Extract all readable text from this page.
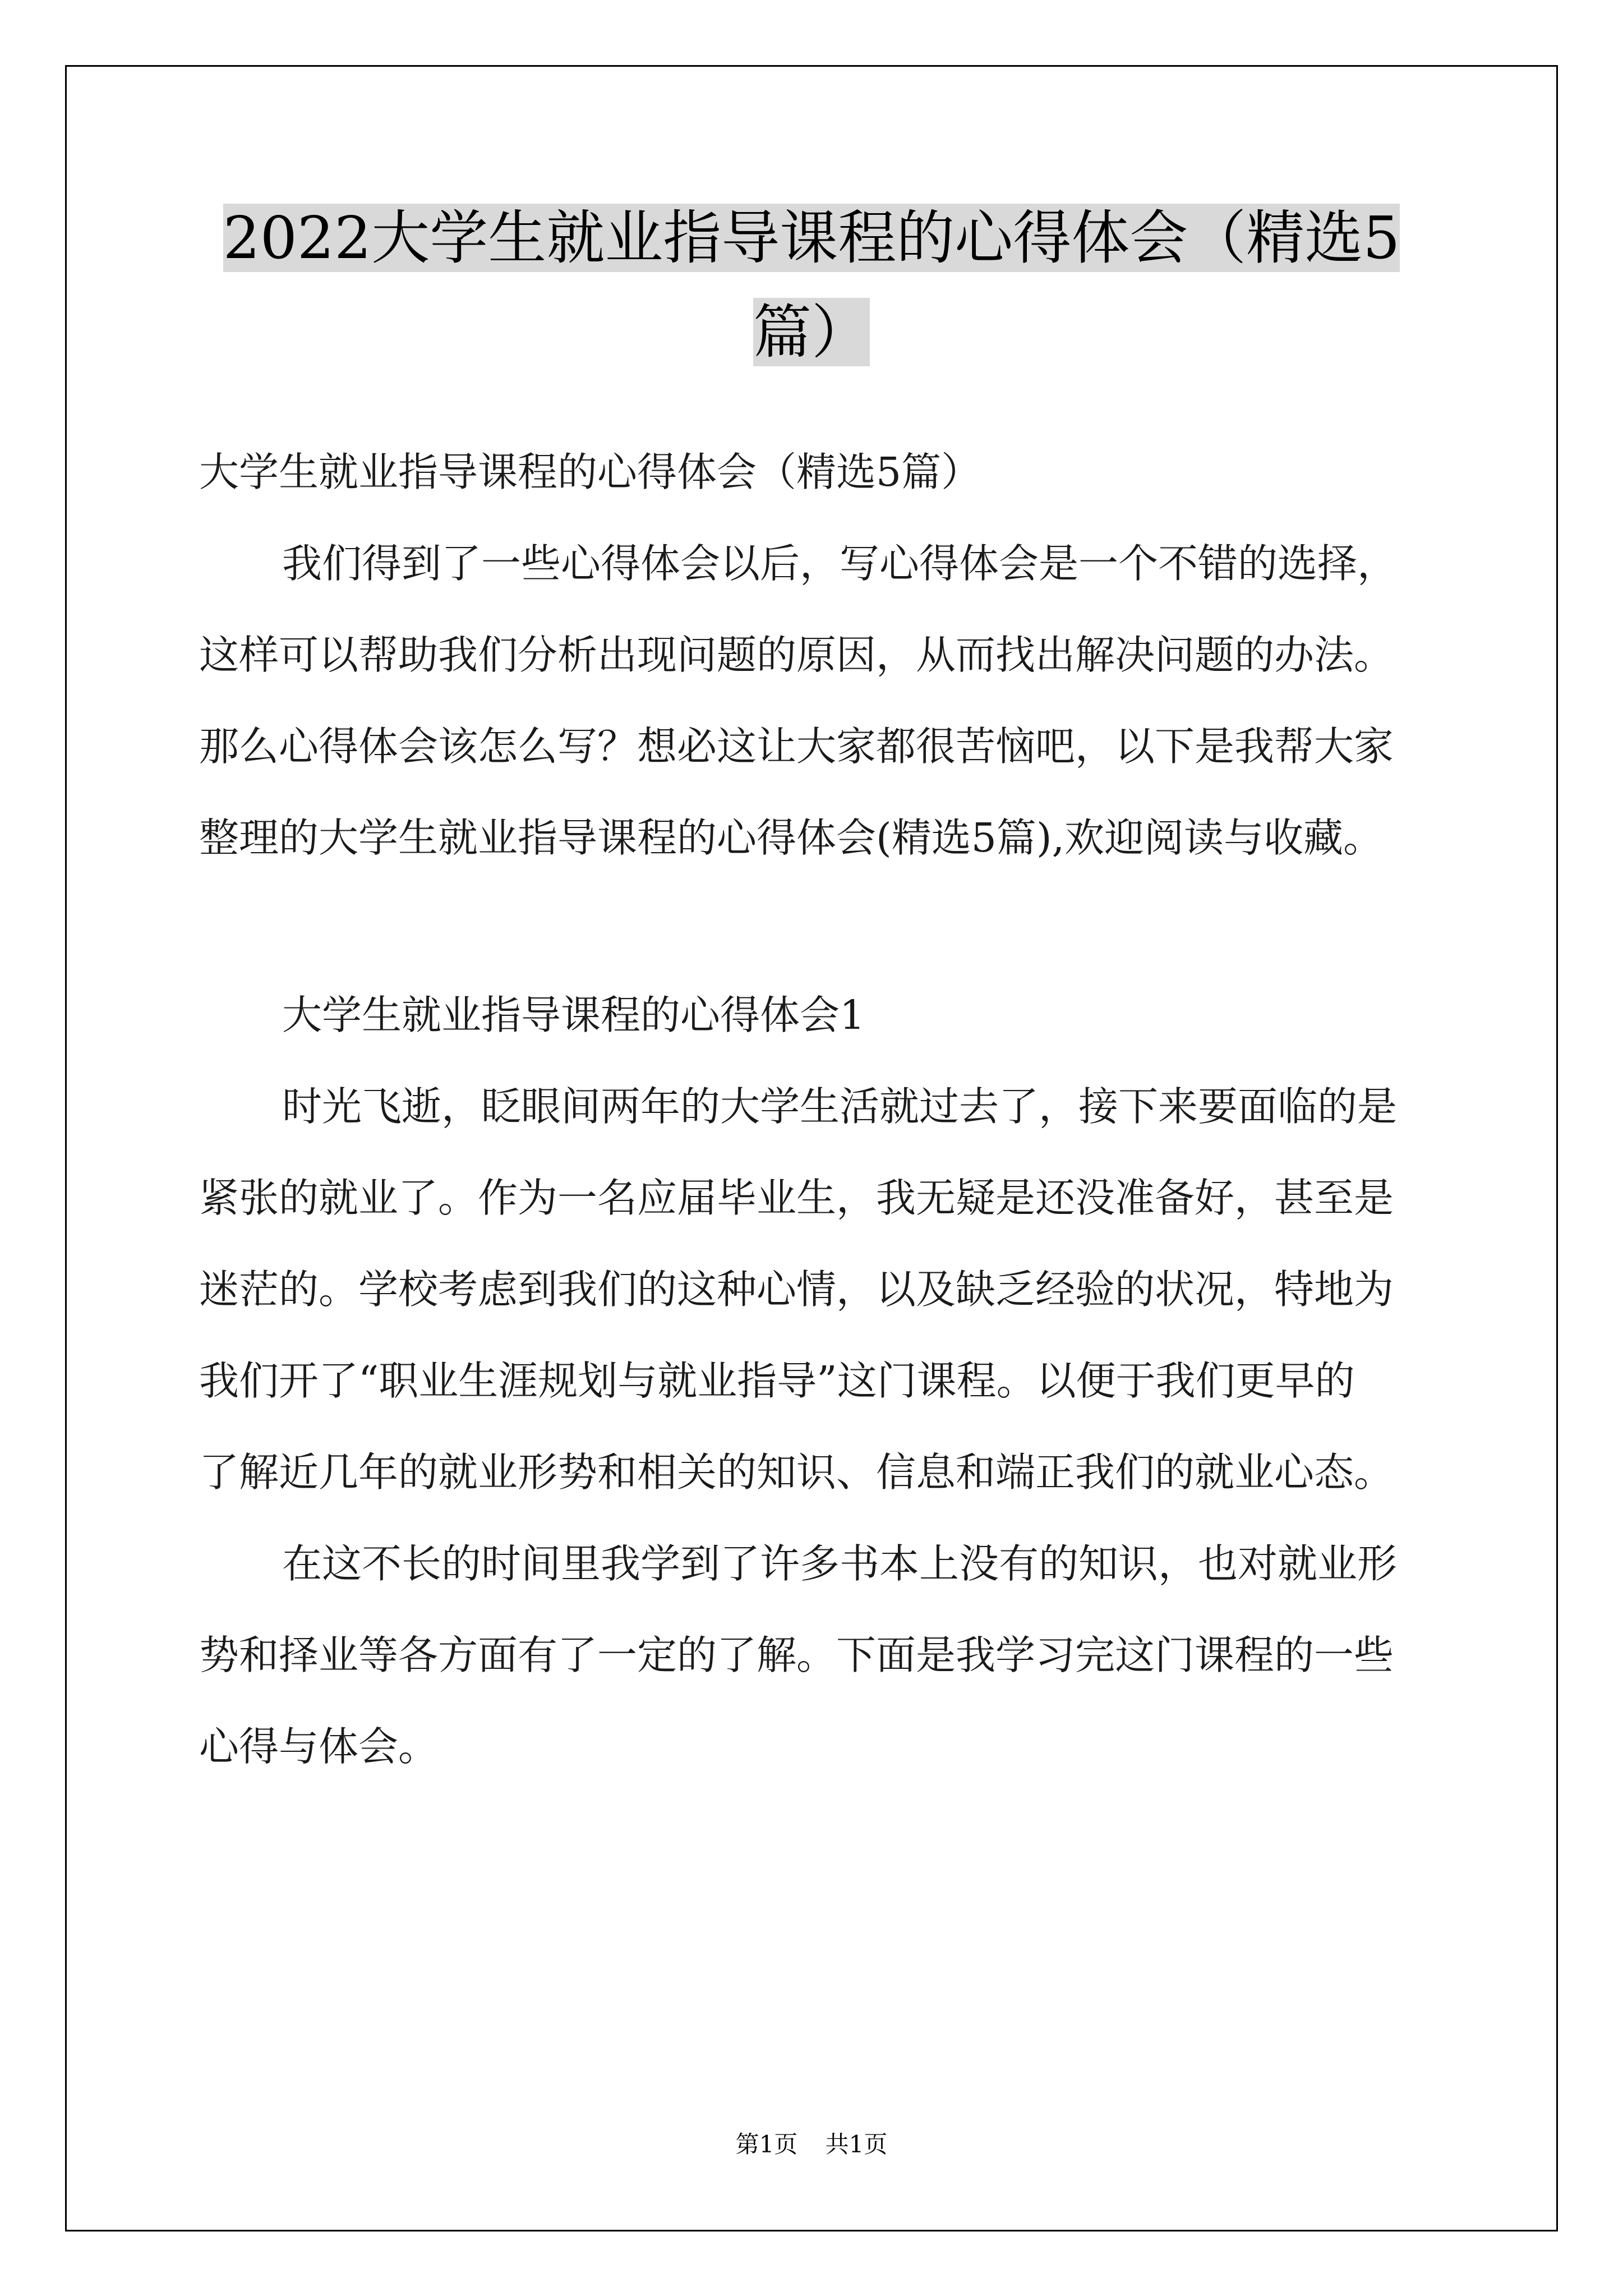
2022大学生就业指导课程的心得体会（精选5
篇）

大学生就业指导课程的心得体会（精选5篇）

我们得到了一些心得体会以后，写心得体会是一个不错的选择，

这样可以帮助我们分析出现问题的原因，从而找出解决问题的办法。

那么心得体会该怎么写？想必这让大家都很苦恼吧，以下是我帮大家

整理的大学生就业指导课程的心得体会(精选5篇),欢迎阅读与收藏。

大学生就业指导课程的心得体会1

时光飞逝，眨眼间两年的大学生活就过去了，接下来要面临的是

紧张的就业了。作为一名应届毕业生，我无疑是还没准备好，甚至是

迷茫的。学校考虑到我们的这种心情，以及缺乏经验的状况，特地为

我们开了“职业生涯规划与就业指导”这门课程。以便于我们更早的

了解近几年的就业形势和相关的知识、信息和端正我们的就业心态。

在这不长的时间里我学到了许多书本上没有的知识，也对就业形

势和择业等各方面有了一定的了解。下面是我学习完这门课程的一些

心得与体会。

第1页 共1页
